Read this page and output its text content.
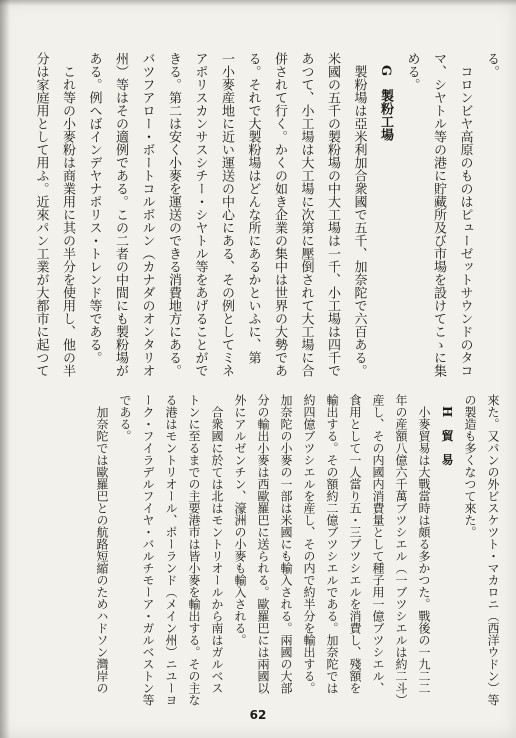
る。
コロンビヤ高原のものはピューゼットサウンドのタコ
マ、シヤトル等の港に貯藏所及び市場を設けてこゝに集
める。
G　製粉工場
製粉場は亞米利加合衆國で五千、加奈陀で六百ある。
米國の五千の製粉場の中大工場は一千、小工場は四千で
あつて、小工場は大工場に次第に壓倒されて大工場に合
併されて行く。かくの如き企業の集中は世界の大勢であ
る。それで大製粉場はどんな所にあるかといふに、第
一小麥産地に近い運送の中心にある、その例としてミネ
アポリスカンサスシチー・シヤトル等をあげることがで
きる。第二は安く小麥を運送のできる消費地方にある。
バツフアロー・ボートコルボルン（カナダのオンタリオ
州）等はその適例である。この二者の中間にも製粉場が
ある。例へばインデヤナポリス・トレンド等である。
これ等の小麥粉は商業用に其の半分を使用し、他の半
分は家庭用として用ふ。近來パン工業が大都市に起つて
來た。又パンの外ビスケツト・マカロニ（西洋ウドン）等
の製造も多くなつて來た。
H　貿　易
小麥貿易は大戰當時は頗る多かつた。戰後の一九二二
年の産額八億六千萬ブツシエル（一ブツシエルは約二斗）
産し、その内國内消費量として種子用一億ブツシエル、
食用として一人當り五・三ブツシエルを消費し、殘額を
輸出する。その額約二億ブツシエルである。加奈陀では
約四億ブツシエルを産し、その内で約半分を輸出する。
加奈陀の小麥の一部は米國にも輸入される。兩國の大部
分の輸出小麥は西歐羅巴に送られる。歐羅巴には兩國以
外にアルゼンチン、濠洲の小麥も輸入される。
合衆國に於ては北はモントリオールから南はガルベス
トンに至るまでの主要港市は皆小麥を輸出する。その主な
る港はモントリオール、ポーランド（メイン州）ニユーヨ
ーク・フイラデルフイヤ・バルチモーア・ガルベストン等
である。
加奈陀では歐羅巴との航路短縮のためハドソン灣岸の
62
